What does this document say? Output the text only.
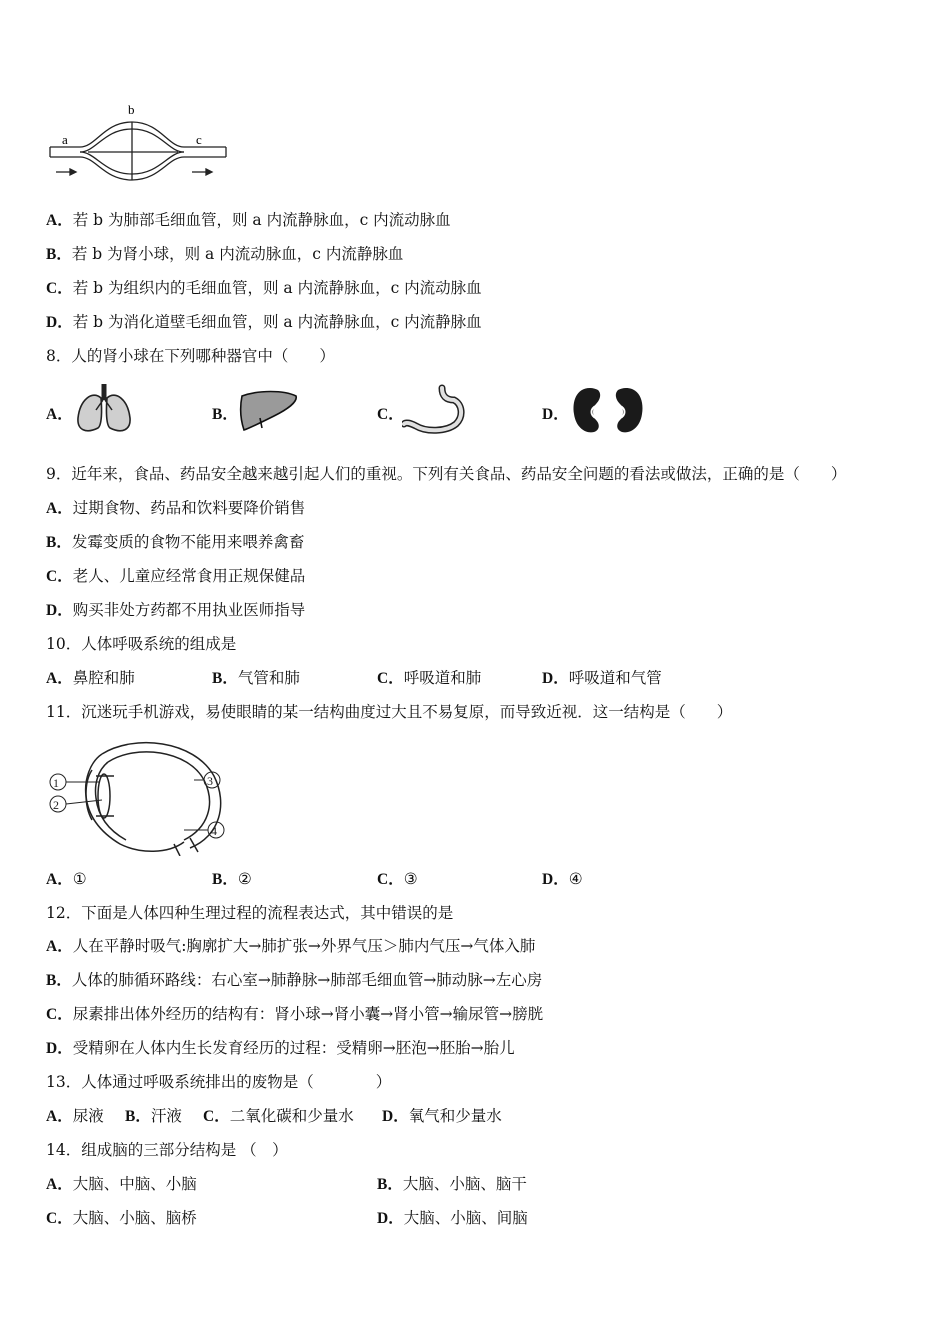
a
b
c
A．若 b 为肺部毛细血管，则 a 内流静脉血，c 内流动脉血
B．若 b 为肾小球，则 a 内流动脉血，c 内流静脉血
C．若 b 为组织内的毛细血管，则 a 内流静脉血，c 内流动脉血
D．若 b 为消化道壁毛细血管，则 a 内流静脉血，c 内流静脉血
8．人的肾小球在下列哪种器官中（　　）
A．	B．	C．	D．
9．近年来，食品、药品安全越来越引起人们的重视。下列有关食品、药品安全问题的看法或做法，正确的是（　　）
A．过期食物、药品和饮料要降价销售
B．发霉变质的食物不能用来喂养禽畜
C．老人、儿童应经常食用正规保健品
D．购买非处方药都不用执业医师指导
10．人体呼吸系统的组成是
A．鼻腔和肺	B．气管和肺	C．呼吸道和肺	D．呼吸道和气管
11．沉迷玩手机游戏，易使眼睛的某一结构曲度过大且不易复原，而导致近视．这一结构是（　　）
1
2
3
4
A．①	B．②	C．③	D．④
12．下面是人体四种生理过程的流程表达式，其中错误的是
A．人在平静时吸气:胸廓扩大→肺扩张→外界气压＞肺内气压→气体入肺
B．人体的肺循环路线：右心室→肺静脉→肺部毛细血管→肺动脉→左心房
C．尿素排出体外经历的结构有：肾小球→肾小囊→肾小管→输尿管→膀胱
D．受精卵在人体内生长发育经历的过程：受精卵→胚泡→胚胎→胎儿
13．人体通过呼吸系统排出的废物是（　　　　）
A．尿液 B．汗液 C．二氧化碳和少量水 D．氧气和少量水
14．组成脑的三部分结构是 （　）
A．大脑、中脑、小脑	B．大脑、小脑、脑干
C．大脑、小脑、脑桥	D．大脑、小脑、间脑
